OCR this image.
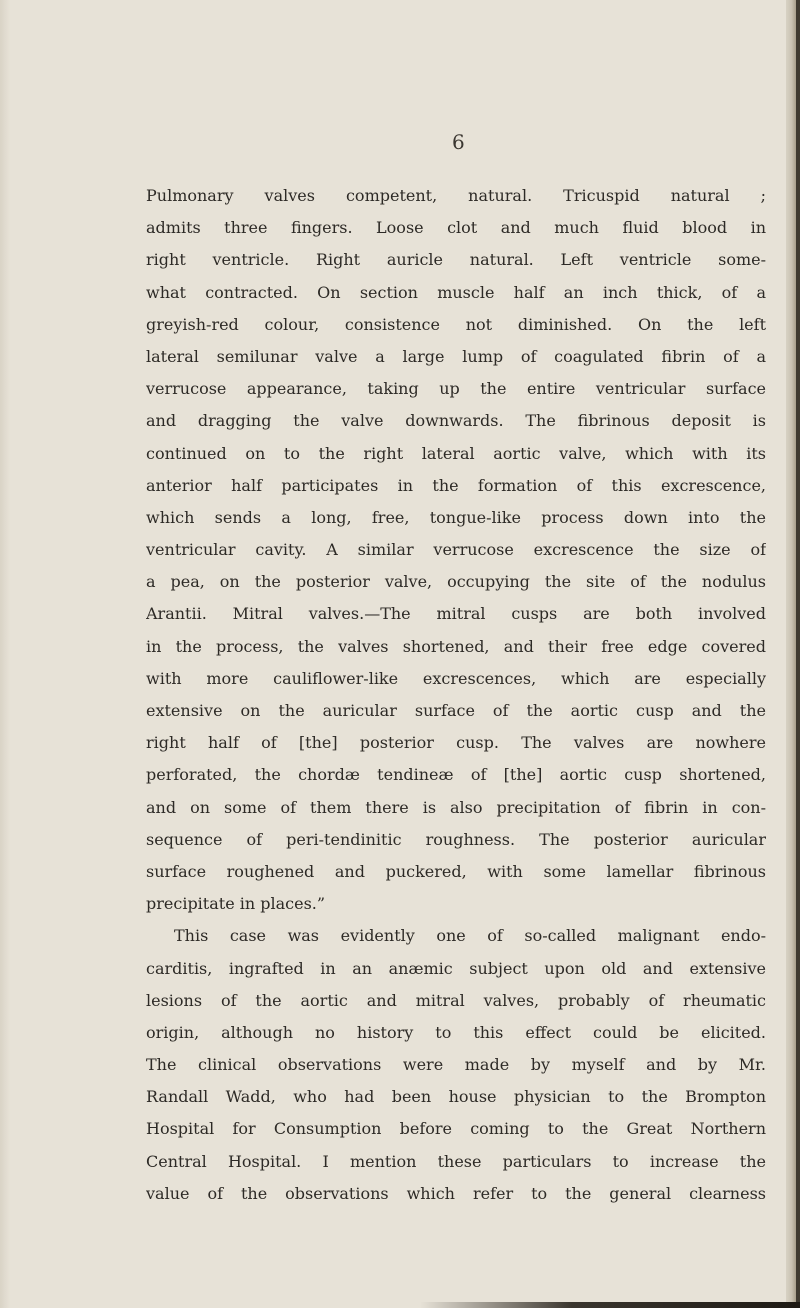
6
Pulmonary valves competent, natural. Tricuspid natural ;
admits three fingers. Loose clot and much fluid blood in
right ventricle. Right auricle natural. Left ventricle some-
what contracted. On section muscle half an inch thick, of a
greyish-red colour, consistence not diminished. On the left
lateral semilunar valve a large lump of coagulated fibrin of a
verrucose appearance, taking up the entire ventricular surface
and dragging the valve downwards. The fibrinous deposit is
continued on to the right lateral aortic valve, which with its
anterior half participates in the formation of this excrescence,
which sends a long, free, tongue-like process down into the
ventricular cavity. A similar verrucose excrescence the size of
a pea, on the posterior valve, occupying the site of the nodulus
Arantii. Mitral valves.—The mitral cusps are both involved
in the process, the valves shortened, and their free edge covered
with more cauliflower-like excrescences, which are especially
extensive on the auricular surface of the aortic cusp and the
right half of [the] posterior cusp. The valves are nowhere
perforated, the chordæ tendineæ of [the] aortic cusp shortened,
and on some of them there is also precipitation of fibrin in con-
sequence of peri-tendinitic roughness. The posterior auricular
surface roughened and puckered, with some lamellar fibrinous
precipitate in places.”
This case was evidently one of so-called malignant endo-
carditis, ingrafted in an anæmic subject upon old and extensive
lesions of the aortic and mitral valves, probably of rheumatic
origin, although no history to this effect could be elicited.
The clinical observations were made by myself and by Mr.
Randall Wadd, who had been house physician to the Brompton
Hospital for Consumption before coming to the Great Northern
Central Hospital. I mention these particulars to increase the
value of the observations which refer to the general clearness
